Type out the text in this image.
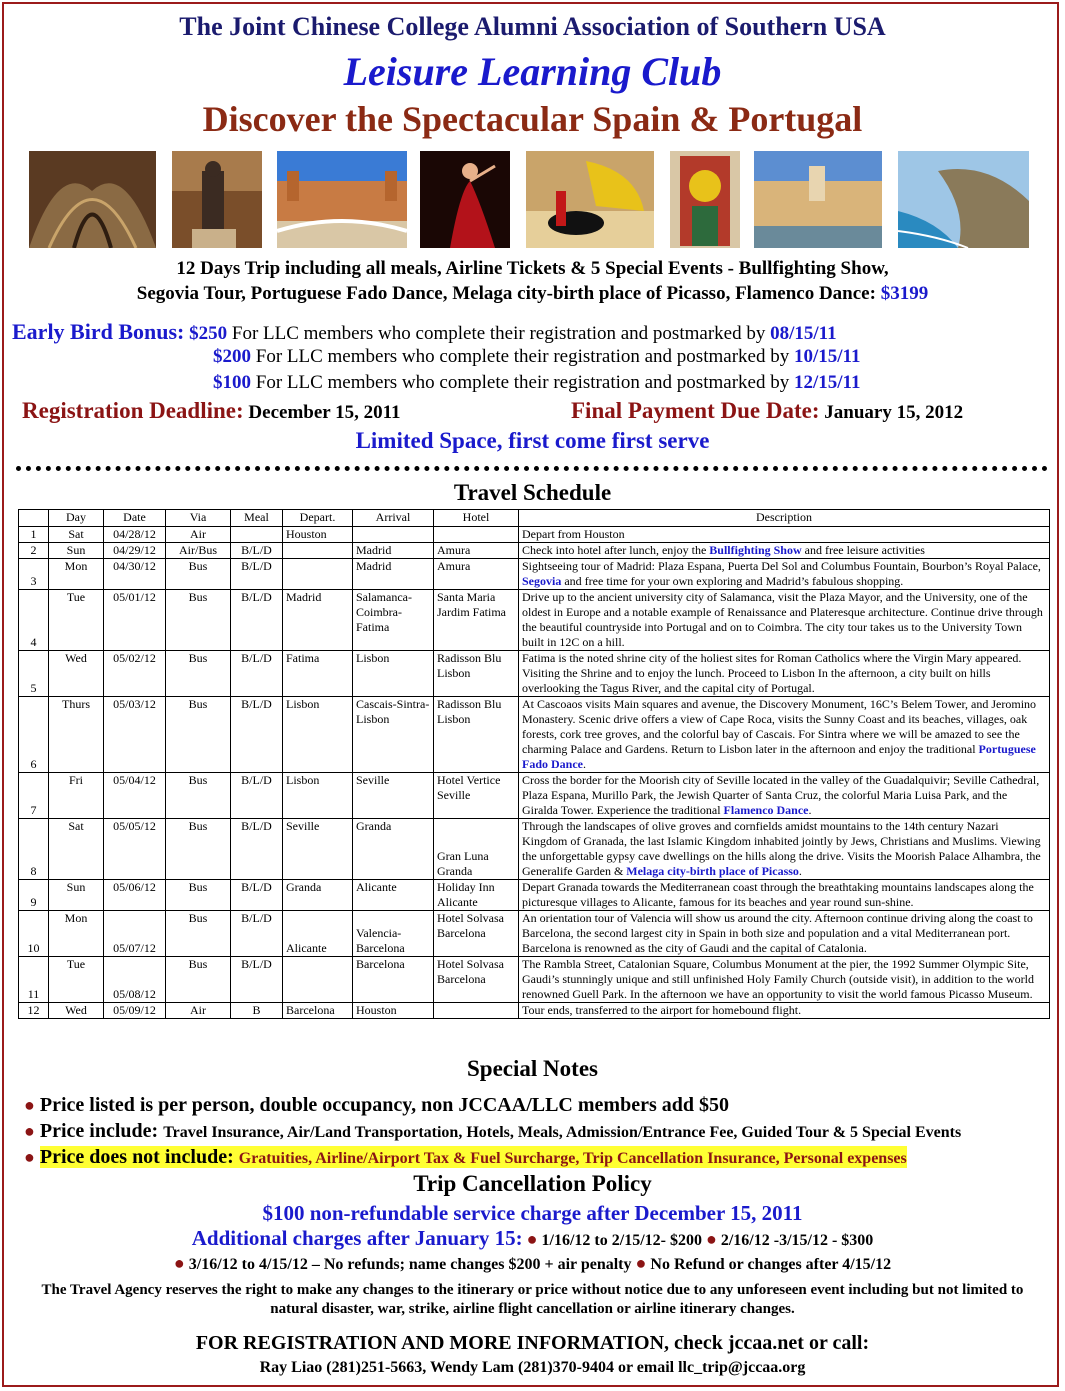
The Joint Chinese College Alumni Association of Southern USA
Leisure Learning Club
Discover the Spectacular Spain & Portugal
12 Days Trip including all meals, Airline Tickets & 5 Special Events - Bullfighting Show,
Segovia Tour, Portuguese Fado Dance, Melaga city-birth place of Picasso, Flamenco Dance: $3199
Early Bird Bonus: $250 For LLC members who complete their registration and postmarked by 08/15/11
$200 For LLC members who complete their registration and postmarked by 10/15/11
$100 For LLC members who complete their registration and postmarked by 12/15/11
Registration Deadline: December 15, 2011	Final Payment Due Date: January 15, 2012
Limited Space, first come first serve
Travel Schedule
	Day	Date	Via	Meal	Depart.	Arrival	Hotel	Description
1	Sat	04/28/12	Air		Houston			Depart from Houston
2	Sun	04/29/12	Air/Bus	B/L/D		Madrid	Amura	Check into hotel after lunch, enjoy the Bullfighting Show and free leisure activities
3	Mon	04/30/12	Bus	B/L/D		Madrid	Amura	Sightseeing tour of Madrid: Plaza Espana, Puerta Del Sol and Columbus Fountain, Bourbon’s Royal Palace, Segovia and free time for your own exploring and Madrid’s fabulous shopping.
4	Tue	05/01/12	Bus	B/L/D	Madrid	Salamanca-Coimbra-Fatima	Santa Maria Jardim Fatima	Drive up to the ancient university city of Salamanca, visit the Plaza Mayor, and the University, one of the oldest in Europe and a notable example of Renaissance and Plateresque architecture. Continue drive through the beautiful countryside into Portugal and on to Coimbra. The city tour takes us to the University Town built in 12C on a hill.
5	Wed	05/02/12	Bus	B/L/D	Fatima	Lisbon	Radisson Blu Lisbon	Fatima is the noted shrine city of the holiest sites for Roman Catholics where the Virgin Mary appeared. Visiting the Shrine and to enjoy the lunch. Proceed to Lisbon In the afternoon, a city built on hills overlooking the Tagus River, and the capital city of Portugal.
6	Thurs	05/03/12	Bus	B/L/D	Lisbon	Cascais-Sintra-Lisbon	Radisson Blu Lisbon	At Cascoaos visits Main squares and avenue, the Discovery Monument, 16C’s Belem Tower, and Jeromino Monastery. Scenic drive offers a view of Cape Roca, visits the Sunny Coast and its beaches, villages, oak forests, cork tree groves, and the colorful bay of Cascais. For Sintra where we will be amazed to see the charming Palace and Gardens. Return to Lisbon later in the afternoon and enjoy the traditional Portuguese Fado Dance.
7	Fri	05/04/12	Bus	B/L/D	Lisbon	Seville	Hotel Vertice Seville	Cross the border for the Moorish city of Seville located in the valley of the Guadalquivir; Seville Cathedral, Plaza Espana, Murillo Park, the Jewish Quarter of Santa Cruz, the colorful Maria Luisa Park, and the Giralda Tower. Experience the traditional Flamenco Dance.
8	Sat	05/05/12	Bus	B/L/D	Seville	Granda	Gran Luna Granda	Through the landscapes of olive groves and cornfields amidst mountains to the 14th century Nazari Kingdom of Granada, the last Islamic Kingdom inhabited jointly by Jews, Christians and Muslims. Viewing the unforgettable gypsy cave dwellings on the hills along the drive. Visits the Moorish Palace Alhambra, the Generalife Garden & Melaga city-birth place of Picasso.
9	Sun	05/06/12	Bus	B/L/D	Granda	Alicante	Holiday Inn Alicante	Depart Granada towards the Mediterranean coast through the breathtaking mountains landscapes along the picturesque villages to Alicante, famous for its beaches and year round sun-shine.
10	Mon	05/07/12	Bus	B/L/D	Alicante	Valencia-Barcelona	Hotel Solvasa Barcelona	An orientation tour of Valencia will show us around the city. Afternoon continue driving along the coast to Barcelona, the second largest city in Spain in both size and population and a vital Mediterranean port. Barcelona is renowned as the city of Gaudi and the capital of Catalonia.
11	Tue	05/08/12	Bus	B/L/D		Barcelona	Hotel Solvasa Barcelona	The Rambla Street, Catalonian Square, Columbus Monument at the pier, the 1992 Summer Olympic Site, Gaudi’s stunningly unique and still unfinished Holy Family Church (outside visit), in addition to the world renowned Guell Park. In the afternoon we have an opportunity to visit the world famous Picasso Museum.
12	Wed	05/09/12	Air	B	Barcelona	Houston		Tour ends, transferred to the airport for homebound flight.
Special Notes
● Price listed is per person, double occupancy, non JCCAA/LLC members add $50
● Price include: Travel Insurance, Air/Land Transportation, Hotels, Meals, Admission/Entrance Fee, Guided Tour & 5 Special Events
● Price does not include: Gratuities, Airline/Airport Tax & Fuel Surcharge, Trip Cancellation Insurance, Personal expenses
Trip Cancellation Policy
$100 non-refundable service charge after December 15, 2011
Additional charges after January 15: ● 1/16/12 to 2/15/12- $200 ● 2/16/12 -3/15/12 - $300
● 3/16/12 to 4/15/12 – No refunds; name changes $200 + air penalty ● No Refund or changes after 4/15/12
The Travel Agency reserves the right to make any changes to the itinerary or price without notice due to any unforeseen event including but not limited to natural disaster, war, strike, airline flight cancellation or airline itinerary changes.
FOR REGISTRATION AND MORE INFORMATION, check jccaa.net or call:
Ray Liao (281)251-5663, Wendy Lam (281)370-9404 or email llc_trip@jccaa.org
